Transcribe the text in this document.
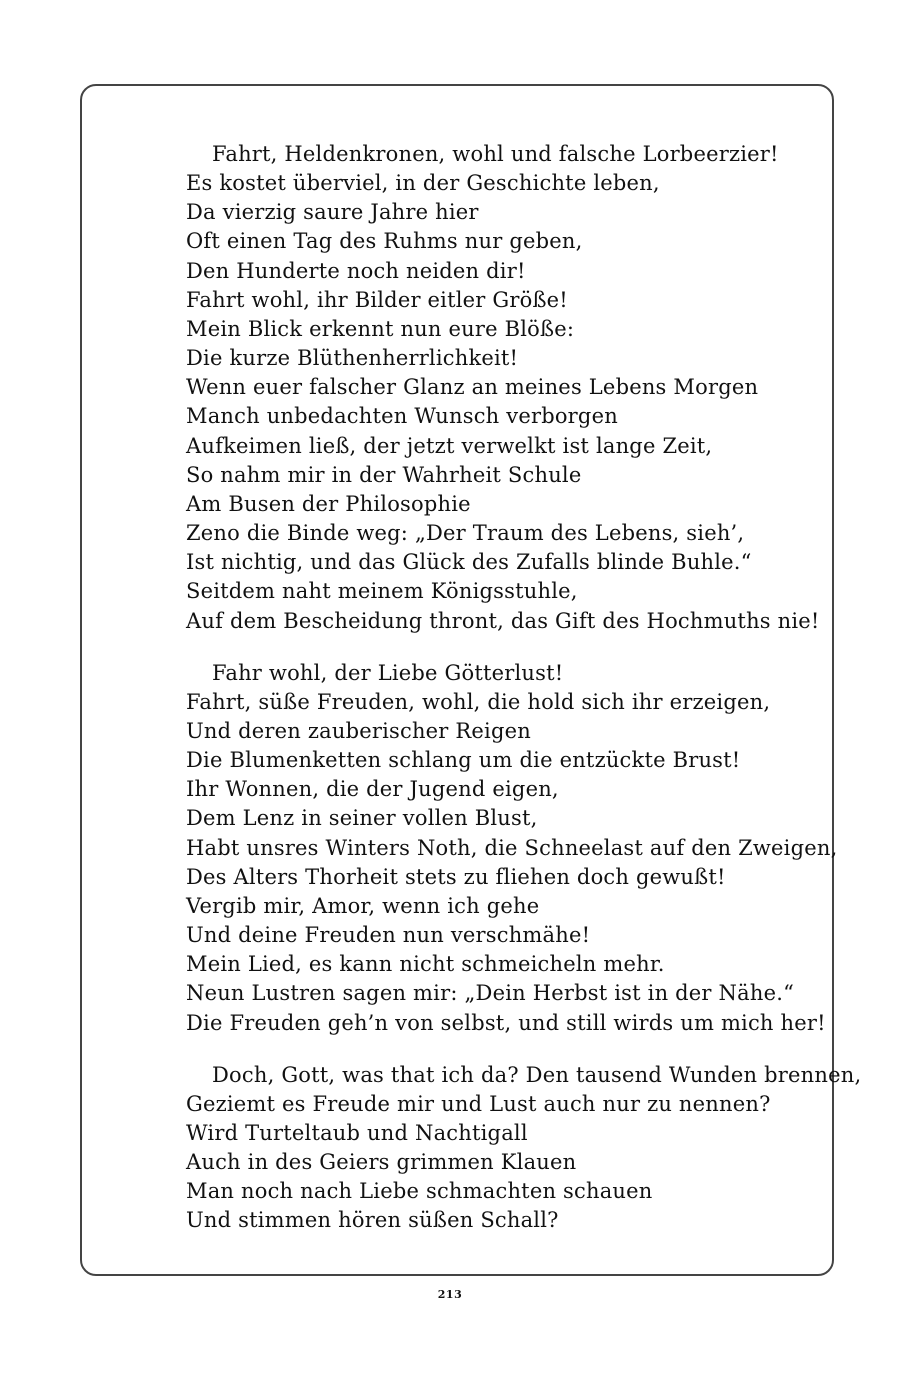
Fahrt, Heldenkronen, wohl und falsche Lorbeerzier!
Es kostet überviel, in der Geschichte leben,
Da vierzig saure Jahre hier
Oft einen Tag des Ruhms nur geben,
Den Hunderte noch neiden dir!
Fahrt wohl, ihr Bilder eitler Größe!
Mein Blick erkennt nun eure Blöße:
Die kurze Blüthenherrlichkeit!
Wenn euer falscher Glanz an meines Lebens Morgen
Manch unbedachten Wunsch verborgen
Aufkeimen ließ, der jetzt verwelkt ist lange Zeit,
So nahm mir in der Wahrheit Schule
Am Busen der Philosophie
Zeno die Binde weg: „Der Traum des Lebens, sieh’,
Ist nichtig, und das Glück des Zufalls blinde Buhle.“
Seitdem naht meinem Königsstuhle,
Auf dem Bescheidung thront, das Gift des Hochmuths nie!
Fahr wohl, der Liebe Götterlust!
Fahrt, süße Freuden, wohl, die hold sich ihr erzeigen,
Und deren zauberischer Reigen
Die Blumenketten schlang um die entzückte Brust!
Ihr Wonnen, die der Jugend eigen,
Dem Lenz in seiner vollen Blust,
Habt unsres Winters Noth, die Schneelast auf den Zweigen,
Des Alters Thorheit stets zu fliehen doch gewußt!
Vergib mir, Amor, wenn ich gehe
Und deine Freuden nun verschmähe!
Mein Lied, es kann nicht schmeicheln mehr.
Neun Lustren sagen mir: „Dein Herbst ist in der Nähe.“
Die Freuden geh’n von selbst, und still wirds um mich her!
Doch, Gott, was that ich da? Den tausend Wunden brennen,
Geziemt es Freude mir und Lust auch nur zu nennen?
Wird Turteltaub und Nachtigall
Auch in des Geiers grimmen Klauen
Man noch nach Liebe schmachten schauen
Und stimmen hören süßen Schall?
213
